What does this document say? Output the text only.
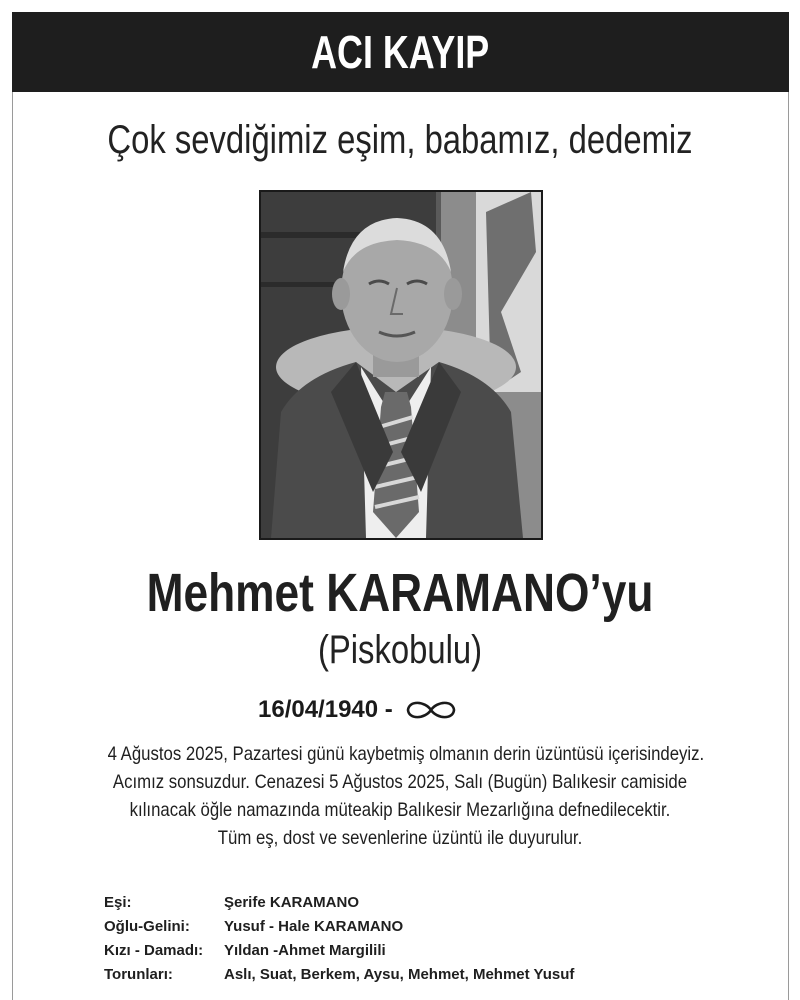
ACI KAYIP
Çok sevdiğimiz eşim, babamız, dedemiz
Mehmet KARAMANO’yu
(Piskobulu)
16/04/1940 -
4 Ağustos 2025, Pazartesi günü kaybetmiş olmanın derin üzüntüsü içerisindeyiz.
Acımız sonsuzdur. Cenazesi 5 Ağustos 2025, Salı (Bugün) Balıkesir camiside
kılınacak öğle namazında müteakip Balıkesir Mezarlığına defnedilecektir.
Tüm eş, dost ve sevenlerine üzüntü ile duyurulur.
Eşi:	Şerife KARAMANO
Oğlu-Gelini:	Yusuf - Hale KARAMANO
Kızı - Damadı:	Yıldan -Ahmet Margilili
Torunları:	Aslı, Suat, Berkem, Aysu, Mehmet, Mehmet Yusuf
